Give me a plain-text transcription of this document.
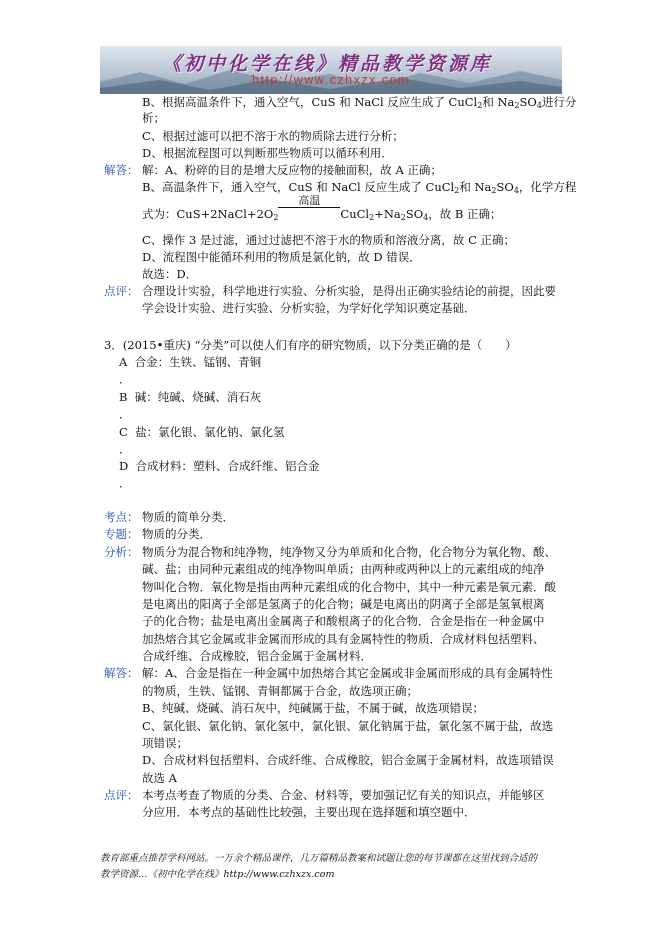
《初中化学在线》精品教学资源库
http://www.czhxzx.com
B、根据高温条件下，通入空气，CuS 和 NaCl 反应生成了 CuCl$_2$和 $Na_2SO_4$进行分
析；
C、根据过滤可以把不溶于水的物质除去进行分析；
D、根据流程图可以判断那些物质可以循环利用．
解答： 解：A、粉碎的目的是增大反应物的接触面积，故 A 正确；
B、高温条件下，通入空气，CuS 和 NaCl 反应生成了 CuCl$_2$和 $Na_2SO_4$，化学方程
式为：$CuS+2NaCl+2O_2$
高温
$CuCl_2+Na_2SO_4$，故 B 正确；
C、操作 3 是过滤，通过过滤把不溶于水的物质和溶液分离，故 C 正确；
D、流程图中能循环利用的物质是氯化钠，故 D 错误．
故选：D．
点评： 合理设计实验，科学地进行实验、分析实验，是得出正确实验结论的前提，因此要
学会设计实验、进行实验、分析实验，为学好化学知识奠定基础．
3．(2015•重庆) “分类”可以使人们有序的研究物质，以下分类正确的是（　　）
A 合金：生铁、锰钢、青铜
．
B 碱：纯碱、烧碱、消石灰
．
C 盐：氯化银、氯化钠、氯化氢
．
D 合成材料：塑料、合成纤维、铝合金
．
考点： 物质的简单分类．
专题： 物质的分类．
分析： 物质分为混合物和纯净物，纯净物又分为单质和化合物，化合物分为氧化物、酸、
碱、盐；由同种元素组成的纯净物叫单质；由两种或两种以上的元素组成的纯净
物叫化合物．氧化物是指由两种元素组成的化合物中，其中一种元素是氧元素．酸
是电离出的阳离子全部是氢离子的化合物；碱是电离出的阴离子全部是氢氧根离
子的化合物；盐是电离出金属离子和酸根离子的化合物．合金是指在一种金属中
加热熔合其它金属或非金属而形成的具有金属特性的物质．合成材料包括塑料、
合成纤维、合成橡胶，铝合金属于金属材料．
解答： 解：A、合金是指在一种金属中加热熔合其它金属或非金属而形成的具有金属特性
的物质，生铁、锰钢、青铜都属于合金，故选项正确；
B、纯碱、烧碱、消石灰中，纯碱属于盐，不属于碱，故选项错误；
C、氯化银、氯化钠、氯化氢中，氯化银、氯化钠属于盐，氯化氢不属于盐，故选
项错误；
D、合成材料包括塑料、合成纤维、合成橡胶，铝合金属于金属材料，故选项错误
故选 A
点评： 本考点考查了物质的分类、合金、材料等，要加强记忆有关的知识点，并能够区
分应用．本考点的基础性比较强，主要出现在选择题和填空题中．
教育部重点推荐学科网站。一万余个精品课件，几万篇精品教案和试题让您的每节课都在这里找到合适的
教学资源…《初中化学在线》http://www.czhxzx.com
